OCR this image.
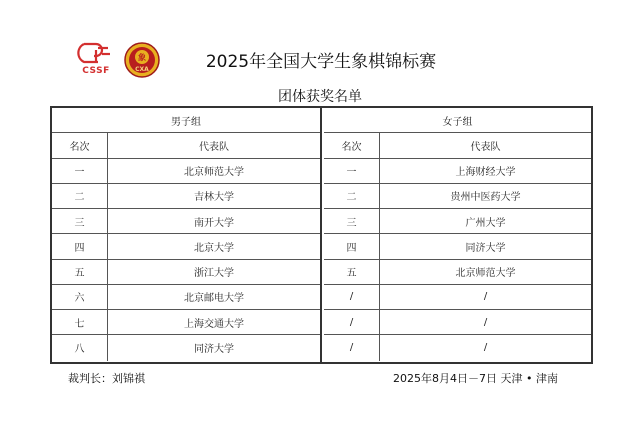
CSSF
象
CXA	2025年全国大学生象棋锦标赛
团体获奖名单
男子组
名次	代表队
一	北京师范大学
二	吉林大学
三	南开大学
四	北京大学
五	浙江大学
六	北京邮电大学
七	上海交通大学
八	同济大学
女子组
名次	代表队
一	上海财经大学
二	贵州中医药大学
三	广州大学
四	同济大学
五	北京师范大学
/	/
/	/
/	/
裁判长：刘锦祺	2025年8月4日－7日 天津 • 津南
